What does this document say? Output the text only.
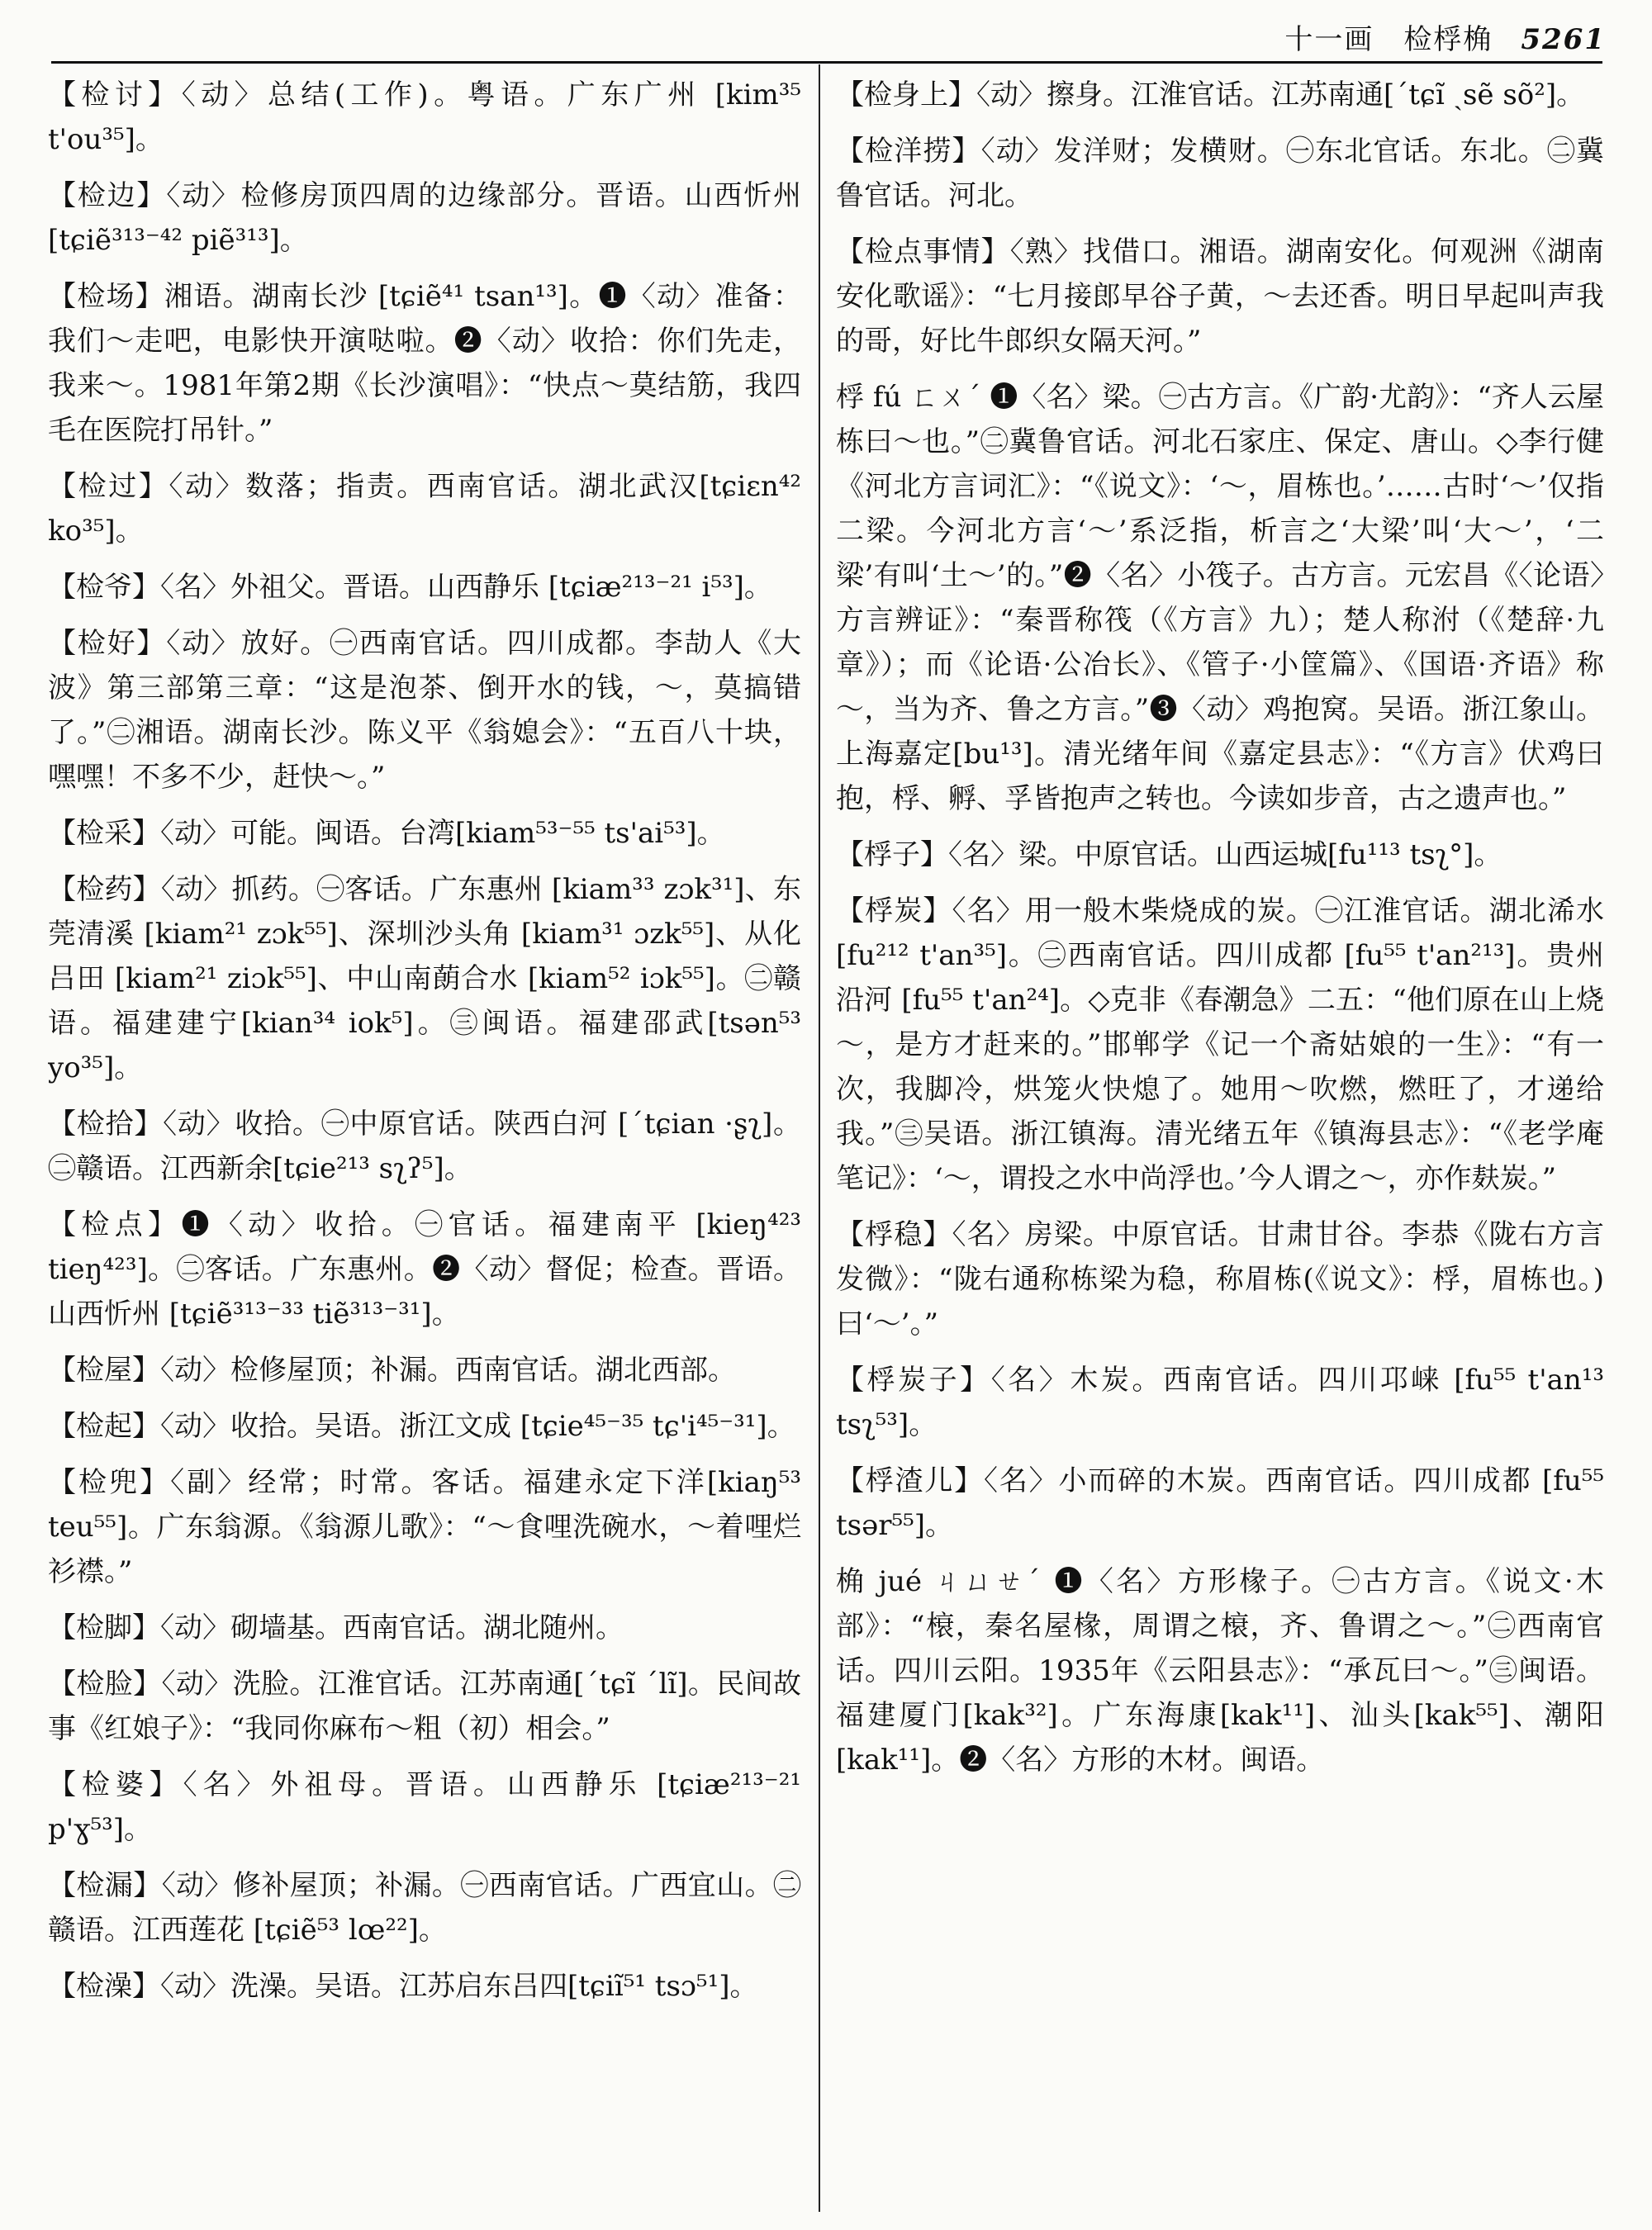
十一画　检桴桷 5261

【检讨】〈动〉总结(工作)。粤语。广东广州 [kim³⁵ t'ou³⁵]。

【检边】〈动〉检修房顶四周的边缘部分。晋语。山西忻州[tɕiẽ³¹³⁻⁴² piẽ³¹³]。

【检场】湘语。湖南长沙 [tɕiẽ⁴¹ tsan¹³]。❶〈动〉准备：我们～走吧，电影快开演哒啦。❷〈动〉收拾：你们先走，我来～。1981年第2期《长沙演唱》：“快点～莫结筋，我四毛在医院打吊针。”

【检过】〈动〉数落；指责。西南官话。湖北武汉[tɕiɛn⁴² ko³⁵]。

【检爷】〈名〉外祖父。晋语。山西静乐 [tɕiæ²¹³⁻²¹ i⁵³]。

【检好】〈动〉放好。㊀西南官话。四川成都。李劼人《大波》第三部第三章：“这是泡茶、倒开水的钱，～，莫搞错了。”㊁湘语。湖南长沙。陈义平《翁媳会》：“五百八十块，嘿嘿！不多不少，赶快～。”

【检采】〈动〉可能。闽语。台湾[kiam⁵³⁻⁵⁵ ts'ai⁵³]。

【检药】〈动〉抓药。㊀客话。广东惠州 [kiam³³ zɔk³¹]、东莞清溪 [kiam²¹ zɔk⁵⁵]、深圳沙头角 [kiam³¹ ɔzk⁵⁵]、从化吕田 [kiam²¹ ziɔk⁵⁵]、中山南蓢合水 [kiam⁵² iɔk⁵⁵]。㊁赣语。福建建宁[kian³⁴ iok⁵]。㊂闽语。福建邵武[tsən⁵³ yo³⁵]。

【检拾】〈动〉收拾。㊀中原官话。陕西白河 [ˊtɕian ·ʂʅ]。㊁赣语。江西新余[tɕie²¹³ sʅʔ⁵]。

【检点】❶〈动〉收拾。㊀官话。福建南平 [kieŋ⁴²³ tieŋ⁴²³]。㊁客话。广东惠州。❷〈动〉督促；检查。晋语。山西忻州 [tɕiẽ³¹³⁻³³ tiẽ³¹³⁻³¹]。

【检屋】〈动〉检修屋顶；补漏。西南官话。湖北西部。

【检起】〈动〉收拾。吴语。浙江文成 [tɕie⁴⁵⁻³⁵ tɕ'i⁴⁵⁻³¹]。

【检兜】〈副〉经常；时常。客话。福建永定下洋[kiaŋ⁵³ teu⁵⁵]。广东翁源。《翁源儿歌》：“～食哩洗碗水，～着哩烂衫襟。”

【检脚】〈动〉砌墙基。西南官话。湖北随州。

【检脸】〈动〉洗脸。江淮官话。江苏南通[ˊtɕĩ ˊlĩ]。民间故事《红娘子》：“我同你麻布～粗（初）相会。”

【检婆】〈名〉外祖母。晋语。山西静乐 [tɕiæ²¹³⁻²¹ p'ɣ⁵³]。

【检漏】〈动〉修补屋顶；补漏。㊀西南官话。广西宜山。㊁赣语。江西莲花 [tɕiẽ⁵³ lœ²²]。

【检澡】〈动〉洗澡。吴语。江苏启东吕四[tɕiĩ⁵¹ tsɔ⁵¹]。

【检身上】〈动〉擦身。江淮官话。江苏南通[ˊtɕĩ ˏsẽ sõ²]。

【检洋捞】〈动〉发洋财；发横财。㊀东北官话。东北。㊁冀鲁官话。河北。

【检点事情】〈熟〉找借口。湘语。湖南安化。何观洲《湖南安化歌谣》：“七月接郎早谷子黄，～去还香。明日早起叫声我的哥，好比牛郎织女隔天河。”

桴 fú ㄈㄨˊ ❶〈名〉梁。㊀古方言。《广韵·尤韵》：“齐人云屋栋曰～也。”㊁冀鲁官话。河北石家庄、保定、唐山。◇李行健《河北方言词汇》：“《说文》：‘～，眉栋也。’……古时‘～’仅指二梁。今河北方言‘～’系泛指，析言之‘大梁’叫‘大～’，‘二梁’有叫‘土～’的。”❷〈名〉小筏子。古方言。元宏昌《〈论语〉方言辨证》：“秦晋称筏（《方言》九）；楚人称泭（《楚辞·九章》）；而《论语·公冶长》、《管子·小筐篇》、《国语·齐语》称～，当为齐、鲁之方言。”❸〈动〉鸡抱窝。吴语。浙江象山。上海嘉定[bu¹³]。清光绪年间《嘉定县志》：“《方言》伏鸡曰抱，桴、孵、孚皆抱声之转也。今读如步音，古之遗声也。”

【桴子】〈名〉梁。中原官话。山西运城[fu¹¹³ tsʅ°]。

【桴炭】〈名〉用一般木柴烧成的炭。㊀江淮官话。湖北浠水 [fu²¹² t'an³⁵]。㊁西南官话。四川成都 [fu⁵⁵ t'an²¹³]。贵州沿河 [fu⁵⁵ t'an²⁴]。◇克非《春潮急》二五：“他们原在山上烧～，是方才赶来的。”邯郸学《记一个斋姑娘的一生》：“有一次，我脚冷，烘笼火快熄了。她用～吹燃，燃旺了，才递给我。”㊂吴语。浙江镇海。清光绪五年《镇海县志》：“《老学庵笔记》：‘～，谓投之水中尚浮也。’今人谓之～，亦作麸炭。”

【桴稳】〈名〉房梁。中原官话。甘肃甘谷。李恭《陇右方言发微》：“陇右通称栋梁为稳，称眉栋(《说文》：桴，眉栋也。)曰‘～’。”

【桴炭子】〈名〉木炭。西南官话。四川邛崃 [fu⁵⁵ t'an¹³ tsʅ⁵³]。

【桴渣儿】〈名〉小而碎的木炭。西南官话。四川成都 [fu⁵⁵ tsər⁵⁵]。

桷 jué ㄐㄩㄝˊ ❶〈名〉方形椽子。㊀古方言。《说文·木部》：“榱，秦名屋椽，周谓之榱，齐、鲁谓之～。”㊁西南官话。四川云阳。1935年《云阳县志》：“承瓦曰～。”㊂闽语。福建厦门[kak³²]。广东海康[kak¹¹]、汕头[kak⁵⁵]、潮阳[kak¹¹]。❷〈名〉方形的木材。闽语。
